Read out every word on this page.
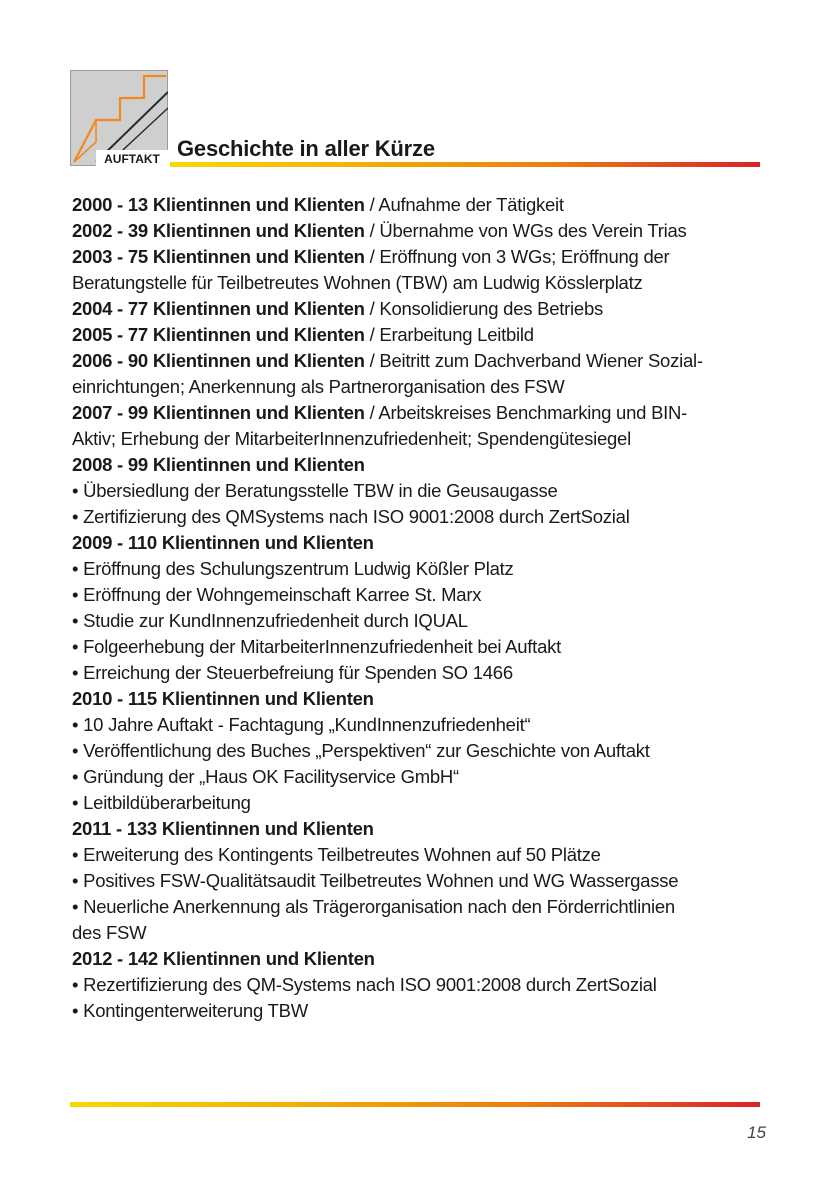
AUFTAKT Geschichte in aller Kürze
2000 - 13 Klientinnen und Klienten / Aufnahme der Tätigkeit
2002 - 39 Klientinnen und Klienten / Übernahme von WGs des Verein Trias
2003 - 75 Klientinnen und Klienten / Eröffnung von 3 WGs; Eröffnung der
Beratungstelle für Teilbetreutes Wohnen (TBW) am Ludwig Kösslerplatz
2004 - 77 Klientinnen und Klienten / Konsolidierung des Betriebs
2005 - 77 Klientinnen und Klienten / Erarbeitung Leitbild
2006 - 90 Klientinnen und Klienten / Beitritt zum Dachverband Wiener Sozial-
einrichtungen; Anerkennung als Partnerorganisation des FSW
2007 - 99 Klientinnen und Klienten / Arbeitskreises Benchmarking und BIN-
Aktiv; Erhebung der MitarbeiterInnenzufriedenheit; Spendengütesiegel
2008 - 99 Klientinnen und Klienten
• Übersiedlung der Beratungsstelle TBW in die Geusaugasse
• Zertifizierung des QMSystems nach ISO 9001:2008 durch ZertSozial
2009 - 110 Klientinnen und Klienten
• Eröffnung des Schulungszentrum Ludwig Kößler Platz
• Eröffnung der Wohngemeinschaft Karree St. Marx
• Studie zur KundInnenzufriedenheit durch IQUAL
• Folgeerhebung der MitarbeiterInnenzufriedenheit bei Auftakt
• Erreichung der Steuerbefreiung für Spenden SO 1466
2010 - 115 Klientinnen und Klienten
• 10 Jahre Auftakt - Fachtagung „KundInnenzufriedenheit“
• Veröffentlichung des Buches „Perspektiven“ zur Geschichte von Auftakt
• Gründung der „Haus OK Facilityservice GmbH“
• Leitbildüberarbeitung
2011 - 133 Klientinnen und Klienten
• Erweiterung des Kontingents Teilbetreutes Wohnen auf 50 Plätze
• Positives FSW-Qualitätsaudit Teilbetreutes Wohnen und WG Wassergasse
• Neuerliche Anerkennung als Trägerorganisation nach den Förderrichtlinien
des FSW
2012 - 142 Klientinnen und Klienten
• Rezertifizierung des QM-Systems nach ISO 9001:2008 durch ZertSozial
• Kontingenterweiterung TBW
15
